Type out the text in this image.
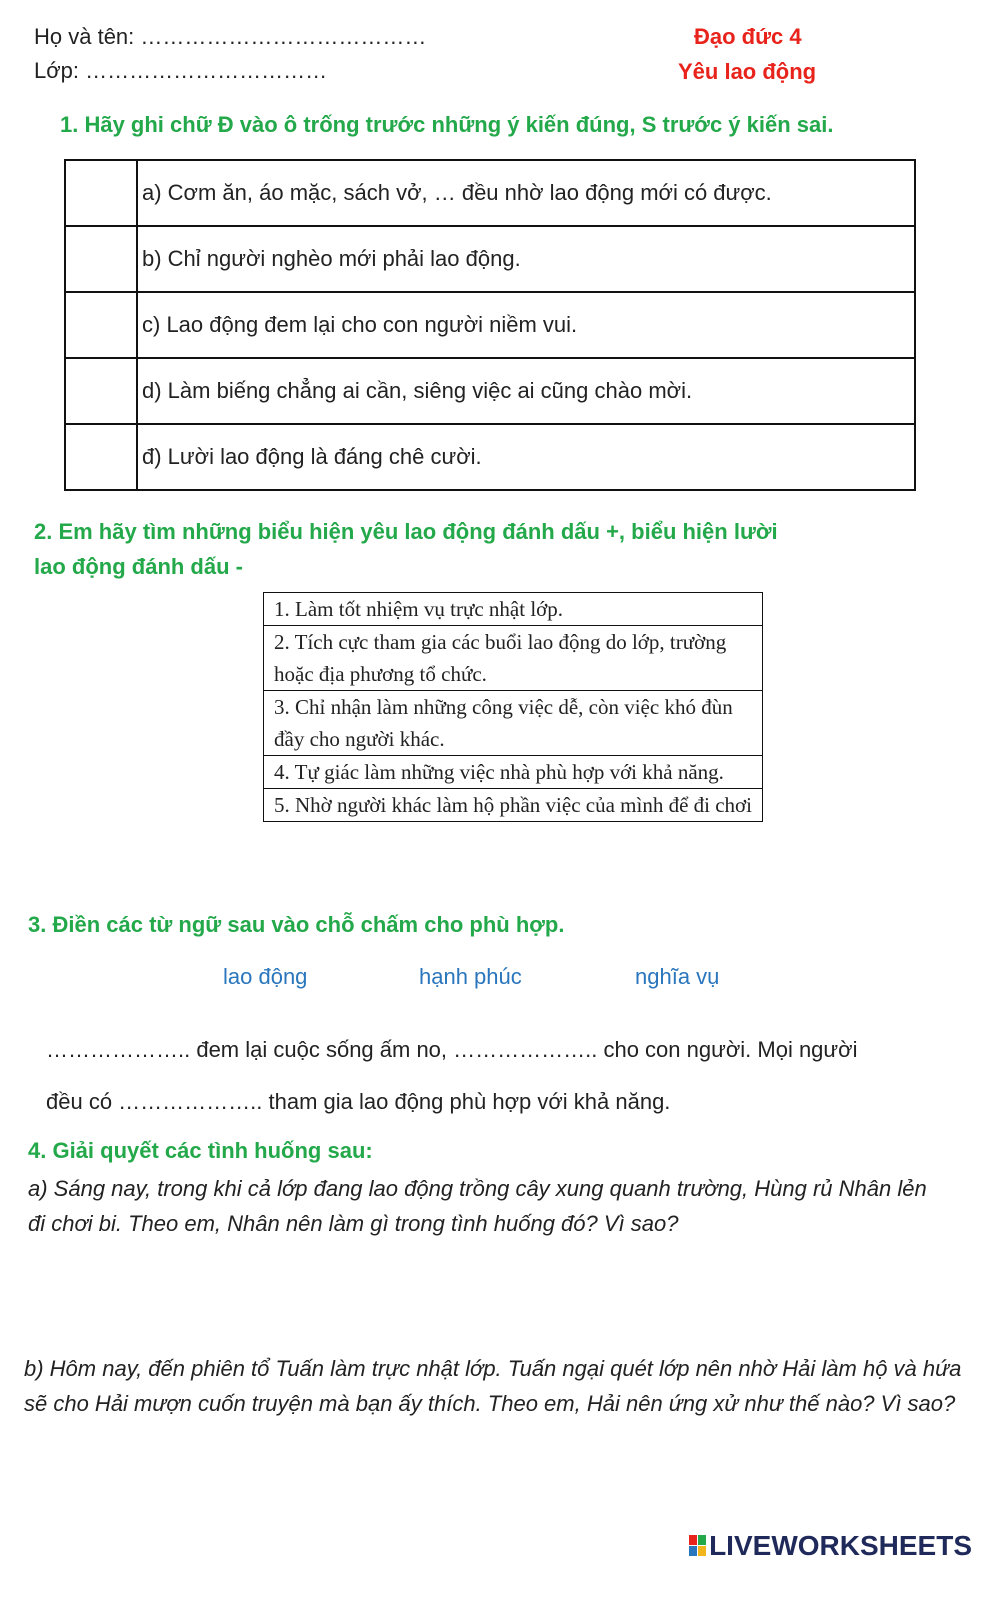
Họ và tên: …………………………………
Lớp: ……………………………
Đạo đức 4
Yêu lao động
1. Hãy ghi chữ Đ vào ô trống trước những ý kiến đúng, S trước ý kiến sai.
	a) Cơm ăn, áo mặc, sách vở, … đều nhờ lao động mới có được.
	b) Chỉ người nghèo mới phải lao động.
	c) Lao động đem lại cho con người niềm vui.
	d) Làm biếng chẳng ai cần, siêng việc ai cũng chào mời.
	đ) Lười lao động là đáng chê cười.
2. Em hãy tìm những biểu hiện yêu lao động đánh dấu +, biểu hiện lười
lao động đánh dấu -
1. Làm tốt nhiệm vụ trực nhật lớp.
2. Tích cực tham gia các buổi lao động do lớp, trường hoặc địa phương tổ chức.
3. Chỉ nhận làm những công việc dễ, còn việc khó đùn đầy cho người khác.
4. Tự giác làm những việc nhà phù hợp với khả năng.
5. Nhờ người khác làm hộ phần việc của mình để đi chơi
3. Điền các từ ngữ sau vào chỗ chấm cho phù hợp.
lao động	hạnh phúc	nghĩa vụ
……………….. đem lại cuộc sống ấm no, ……………….. cho con người. Mọi người
đều có ……………….. tham gia lao động phù hợp với khả năng.
4. Giải quyết các tình huống sau:
a) Sáng nay, trong khi cả lớp đang lao động trồng cây xung quanh trường, Hùng rủ Nhân lẻn đi chơi bi. Theo em, Nhân nên làm gì trong tình huống đó? Vì sao?
b) Hôm nay, đến phiên tổ Tuấn làm trực nhật lớp. Tuấn ngại quét lớp nên nhờ Hải làm hộ và hứa sẽ cho Hải mượn cuốn truyện mà bạn ấy thích. Theo em, Hải nên ứng xử như thế nào? Vì sao?
LIVEWORKSHEETS
